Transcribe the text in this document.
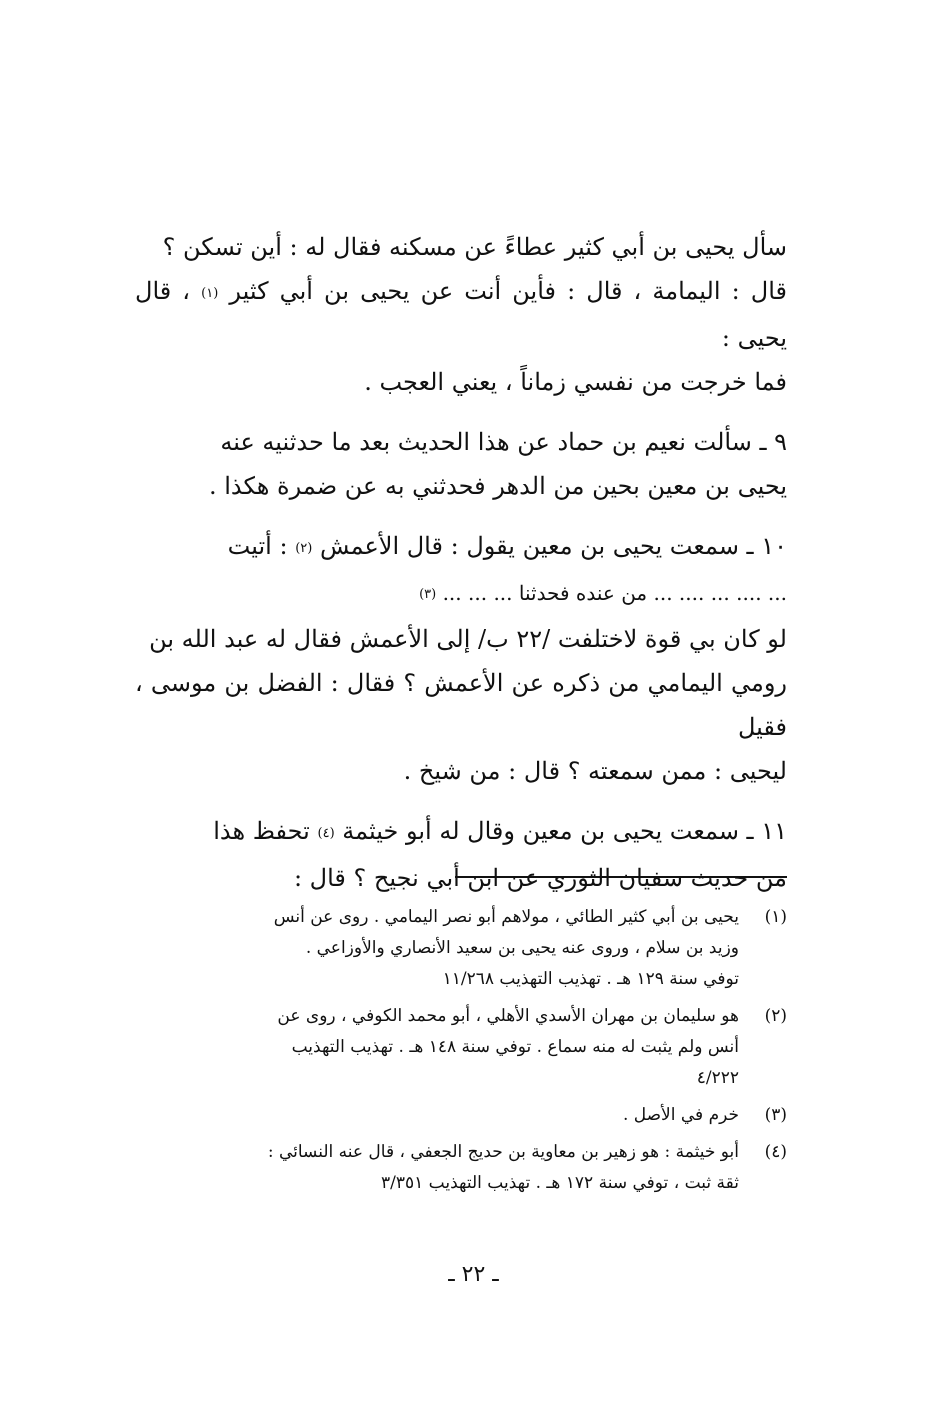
سأل يحيى بن أبي كثير عطاءً عن مسكنه فقال له : أين تسكن ؟

قال : اليمامة ، قال : فأين أنت عن يحيى بن أبي كثير (١) ، قال يحيى :

فما خرجت من نفسي زماناً ، يعني العجب .

٩ ـ سألت نعيم بن حماد عن هذا الحديث بعد ما حدثنيه عنه

يحيى بن معين بحين من الدهر فحدثني به عن ضمرة هكذا .

١٠ ـ سمعت يحيى بن معين يقول : قال الأعمش (٢) : أتيت

... .... ... .... ... من عنده فحدثنا ... ... ... (٣)

لو كان بي قوة لاختلفت /٢٢ ب/ إلى الأعمش فقال له عبد الله بن

رومي اليمامي من ذكره عن الأعمش ؟ فقال : الفضل بن موسى ، فقيل

ليحيى : ممن سمعته ؟ قال : من شيخ .

١١ ـ سمعت يحيى بن معين وقال له أبو خيثمة (٤) تحفظ هذا

من حديث سفيان الثوري عن ابن أبي نجيح ؟ قال :

(١)

يحيى بن أبي كثير الطائي ، مولاهم أبو نصر اليمامي . روى عن أنس

وزيد بن سلام ، وروى عنه يحيى بن سعيد الأنصاري والأوزاعي .

توفي سنة ١٢٩ هـ . تهذيب التهذيب ١١/٢٦٨

(٢)

هو سليمان بن مهران الأسدي الأهلي ، أبو محمد الكوفي ، روى عن

أنس ولم يثبت له منه سماع . توفي سنة ١٤٨ هـ . تهذيب التهذيب

٤/٢٢٢

(٣)

خرم في الأصل .

(٤)

أبو خيثمة : هو زهير بن معاوية بن حديج الجعفي ، قال عنه النسائي :

ثقة ثبت ، توفي سنة ١٧٢ هـ . تهذيب التهذيب ٣/٣٥١

ـ ٢٢ ـ
